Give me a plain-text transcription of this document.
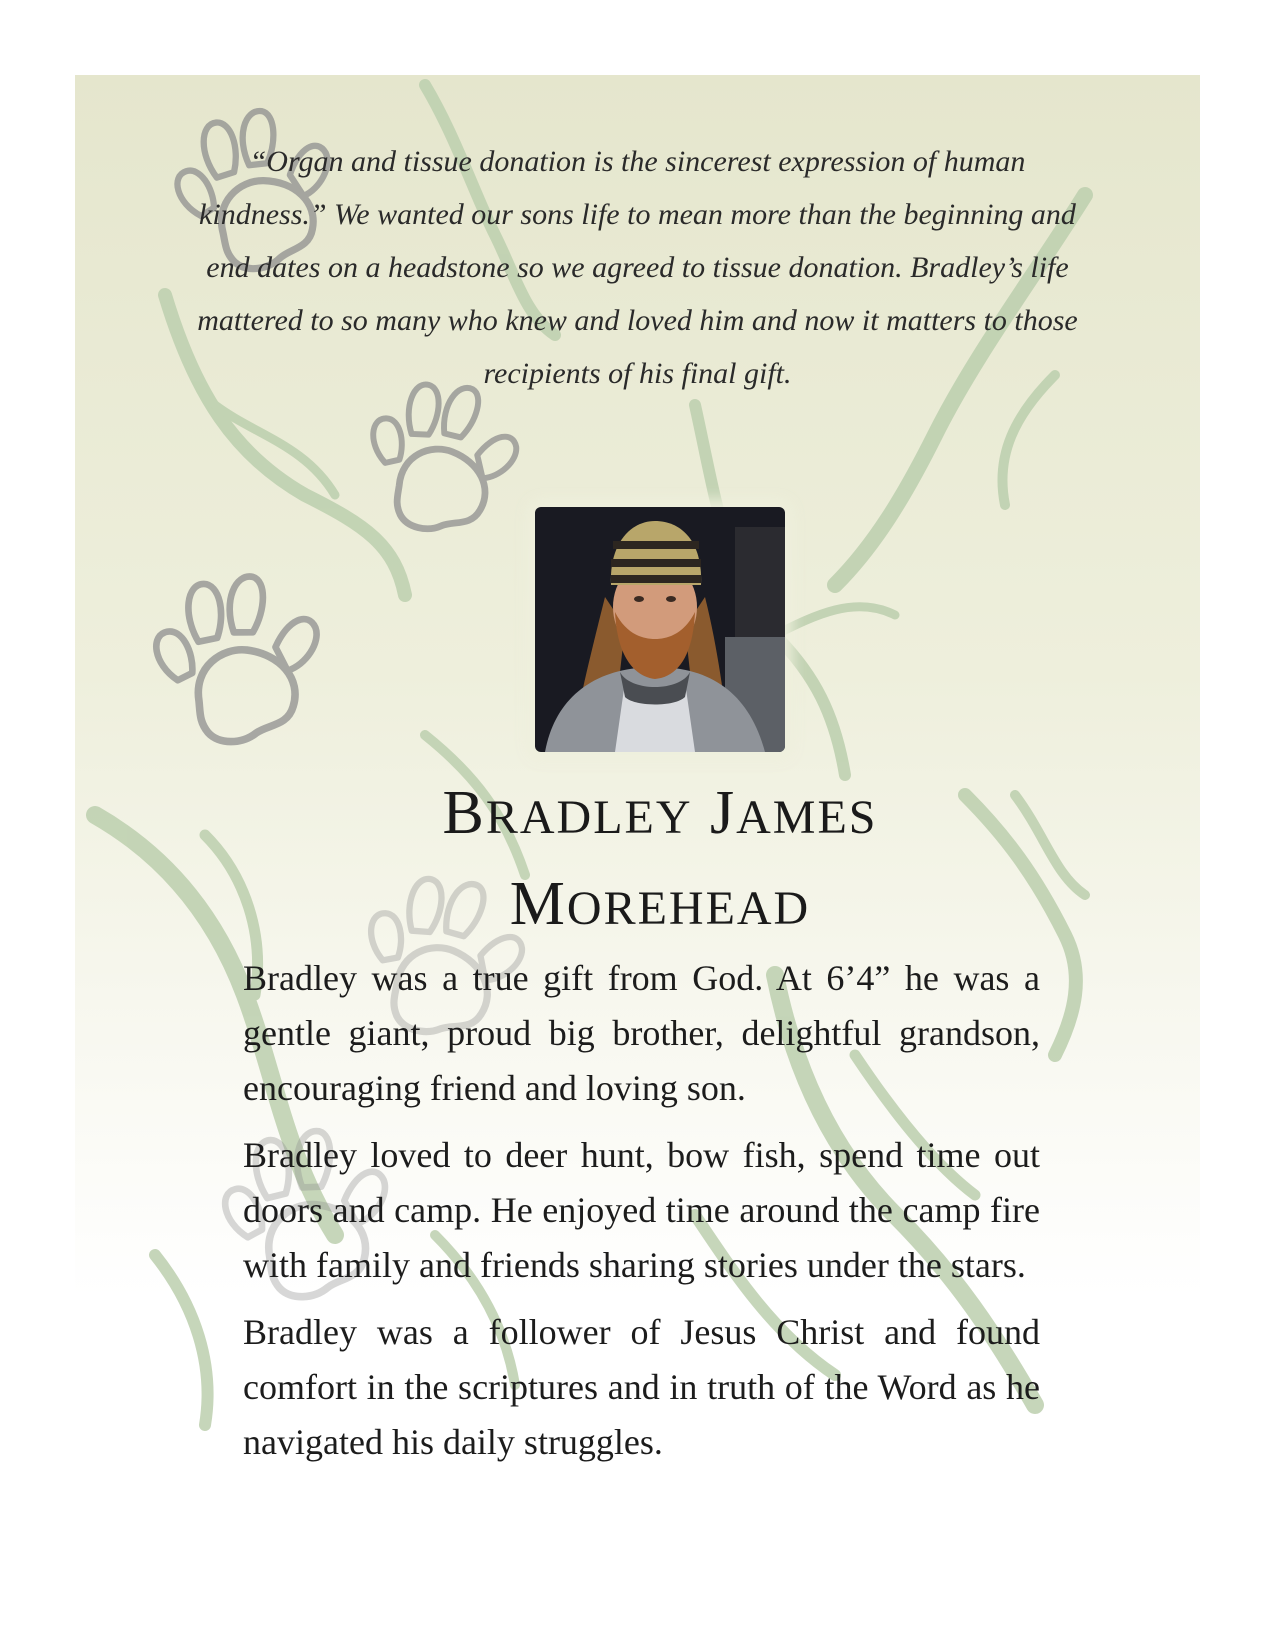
“Organ and tissue donation is the sincerest expression of human kindness.” We wanted our sons life to mean more than the beginning and end dates on a headstone so we agreed to tissue donation. Bradley’s life mattered to so many who knew and loved him and now it matters to those recipients of his final gift.

BRADLEY JAMES
MOREHEAD

Bradley was a true gift from God. At 6’4” he was a gentle giant, proud big brother, delightful grandson, encouraging friend and loving son.

Bradley loved to deer hunt, bow fish, spend time out doors and camp. He enjoyed time around the camp fire with family and friends sharing stories under the stars.

Bradley was a follower of Jesus Christ and found comfort in the scriptures and in truth of the Word as he navigated his daily struggles.
